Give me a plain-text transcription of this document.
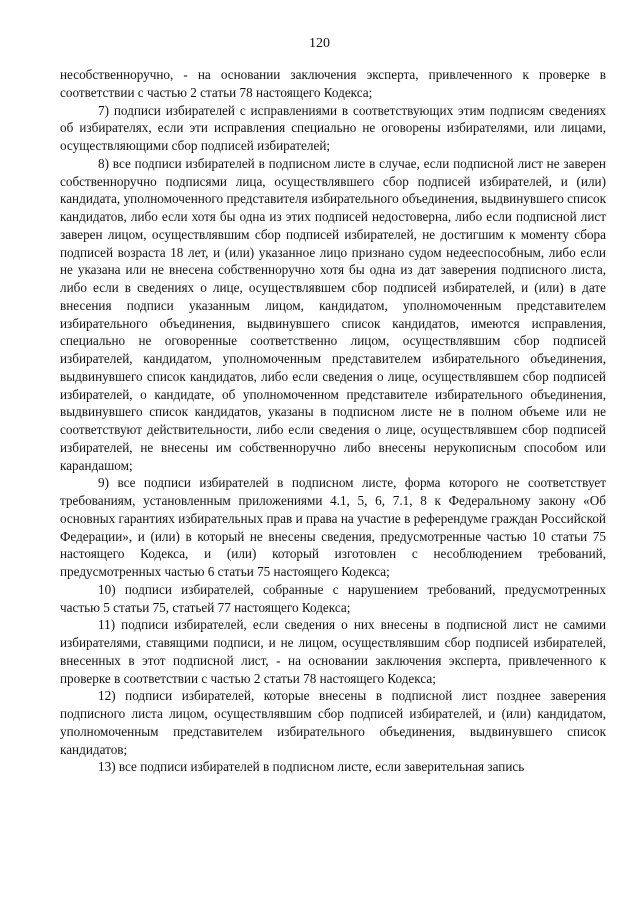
120

несобственноручно, - на основании заключения эксперта, привлеченного к проверке в соответствии с частью 2 статьи 78 настоящего Кодекса;

7) подписи избирателей с исправлениями в соответствующих этим подписям сведениях об избирателях, если эти исправления специально не оговорены избирателями, или лицами, осуществляющими сбор подписей избирателей;

8) все подписи избирателей в подписном листе в случае, если подписной лист не заверен собственноручно подписями лица, осуществлявшего сбор подписей избирателей, и (или) кандидата, уполномоченного представителя избирательного объединения, выдвинувшего список кандидатов, либо если хотя бы одна из этих подписей недостоверна, либо если подписной лист заверен лицом, осуществлявшим сбор подписей избирателей, не достигшим к моменту сбора подписей возраста 18 лет, и (или) указанное лицо признано судом недееспособным, либо если не указана или не внесена собственноручно хотя бы одна из дат заверения подписного листа, либо если в сведениях о лице, осуществлявшем сбор подписей избирателей, и (или) в дате внесения подписи указанным лицом, кандидатом, уполномоченным представителем избирательного объединения, выдвинувшего список кандидатов, имеются исправления, специально не оговоренные соответственно лицом, осуществлявшим сбор подписей избирателей, кандидатом, уполномоченным представителем избирательного объединения, выдвинувшего список кандидатов, либо если сведения о лице, осуществлявшем сбор подписей избирателей, о кандидате, об уполномоченном представителе избирательного объединения, выдвинувшего список кандидатов, указаны в подписном листе не в полном объеме или не соответствуют действительности, либо если сведения о лице, осуществлявшем сбор подписей избирателей, не внесены им собственноручно либо внесены нерукописным способом или карандашом;

9) все подписи избирателей в подписном листе, форма которого не соответствует требованиям, установленным приложениями 4.1, 5, 6, 7.1, 8 к Федеральному закону «Об основных гарантиях избирательных прав и права на участие в референдуме граждан Российской Федерации», и (или) в который не внесены сведения, предусмотренные частью 10 статьи 75 настоящего Кодекса, и (или) который изготовлен с несоблюдением требований, предусмотренных частью 6 статьи 75 настоящего Кодекса;

10) подписи избирателей, собранные с нарушением требований, предусмотренных частью 5 статьи 75, статьей 77 настоящего Кодекса;

11) подписи избирателей, если сведения о них внесены в подписной лист не самими избирателями, ставящими подписи, и не лицом, осуществлявшим сбор подписей избирателей, внесенных в этот подписной лист, - на основании заключения эксперта, привлеченного к проверке в соответствии с частью 2 статьи 78 настоящего Кодекса;

12) подписи избирателей, которые внесены в подписной лист позднее заверения подписного листа лицом, осуществлявшим сбор подписей избирателей, и (или) кандидатом, уполномоченным представителем избирательного объединения, выдвинувшего список кандидатов;

13) все подписи избирателей в подписном листе, если заверительная запись
